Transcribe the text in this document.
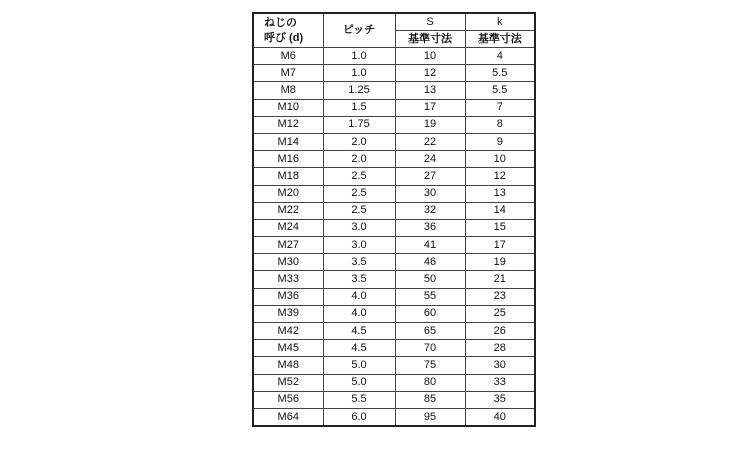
ねじの
呼び (d)	ピッチ	S	k
		基準寸法	基準寸法
M6	1.0	10	4
M7	1.0	12	5.5
M8	1.25	13	5.5
M10	1.5	17	7
M12	1.75	19	8
M14	2.0	22	9
M16	2.0	24	10
M18	2.5	27	12
M20	2.5	30	13
M22	2.5	32	14
M24	3.0	36	15
M27	3.0	41	17
M30	3.5	46	19
M33	3.5	50	21
M36	4.0	55	23
M39	4.0	60	25
M42	4.5	65	26
M45	4.5	70	28
M48	5.0	75	30
M52	5.0	80	33
M56	5.5	85	35
M64	6.0	95	40
